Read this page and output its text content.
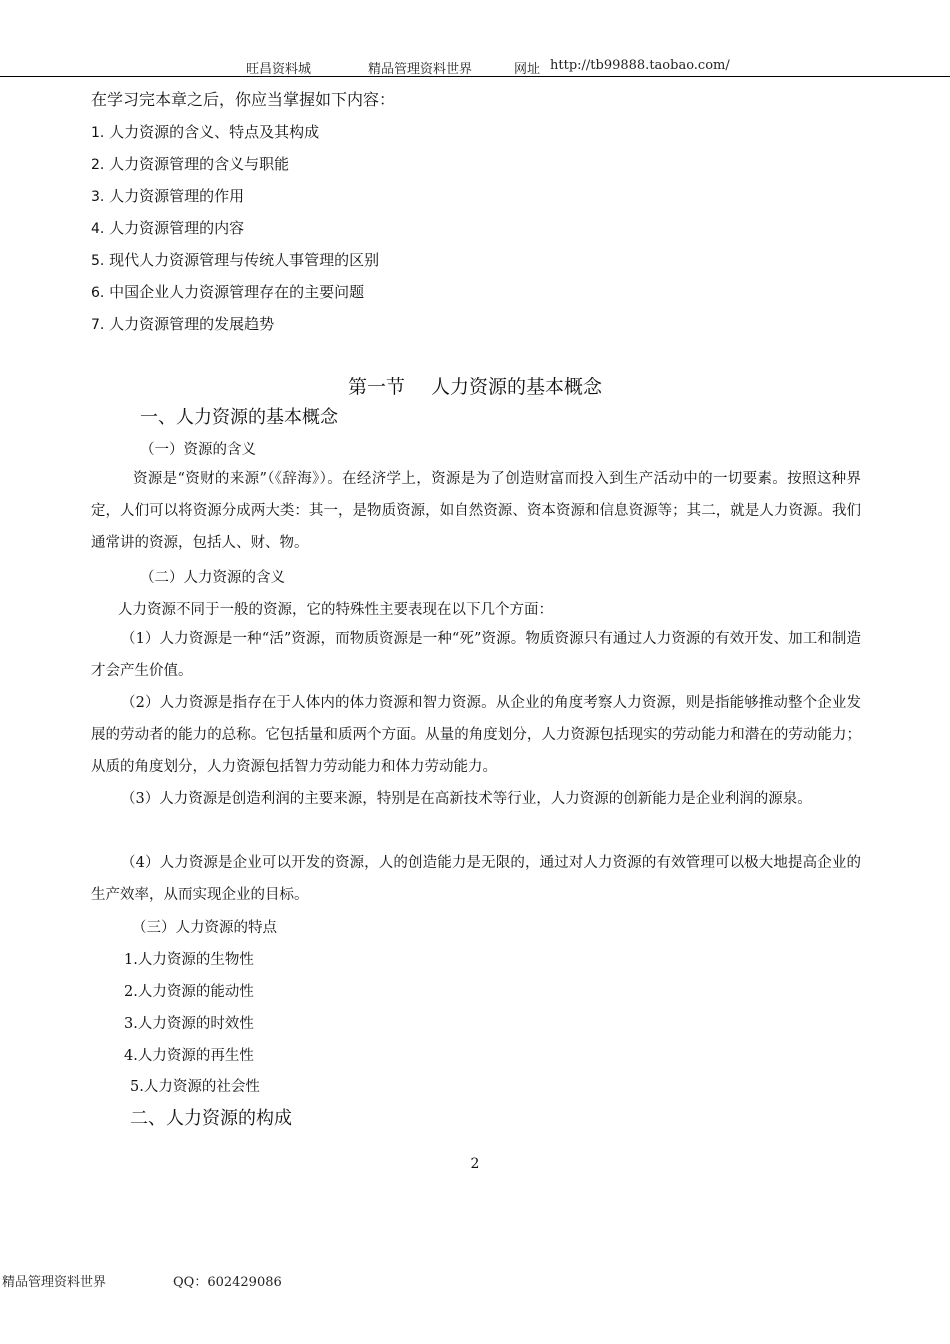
旺昌资料城	精品管理资料世界	网址 http://tb99888.taobao.com/
在学习完本章之后，你应当掌握如下内容：
1. 人力资源的含义、特点及其构成
2. 人力资源管理的含义与职能
3. 人力资源管理的作用
4. 人力资源管理的内容
5. 现代人力资源管理与传统人事管理的区别
6. 中国企业人力资源管理存在的主要问题
7. 人力资源管理的发展趋势
第一节 人力资源的基本概念
一、人力资源的基本概念
（一）资源的含义
资源是“资财的来源”（《辞海》）。在经济学上，资源是为了创造财富而投入到生产活动中的一切要素。按照这种界定，人们可以将资源分成两大类：其一，是物质资源，如自然资源、资本资源和信息资源等；其二，就是人力资源。我们通常讲的资源，包括人、财、物。
（二）人力资源的含义
人力资源不同于一般的资源，它的特殊性主要表现在以下几个方面：
（1）人力资源是一种“活”资源，而物质资源是一种“死”资源。物质资源只有通过人力资源的有效开发、加工和制造才会产生价值。
（2）人力资源是指存在于人体内的体力资源和智力资源。从企业的角度考察人力资源，则是指能够推动整个企业发展的劳动者的能力的总称。它包括量和质两个方面。从量的角度划分，人力资源包括现实的劳动能力和潜在的劳动能力；从质的角度划分，人力资源包括智力劳动能力和体力劳动能力。
（3）人力资源是创造利润的主要来源，特别是在高新技术等行业，人力资源的创新能力是企业利润的源泉。
（4）人力资源是企业可以开发的资源，人的创造能力是无限的，通过对人力资源的有效管理可以极大地提高企业的生产效率，从而实现企业的目标。
（三）人力资源的特点
1.人力资源的生物性
2.人力资源的能动性
3.人力资源的时效性
4.人力资源的再生性
5.人力资源的社会性
二、人力资源的构成
2
精品管理资料世界	QQ：602429086
